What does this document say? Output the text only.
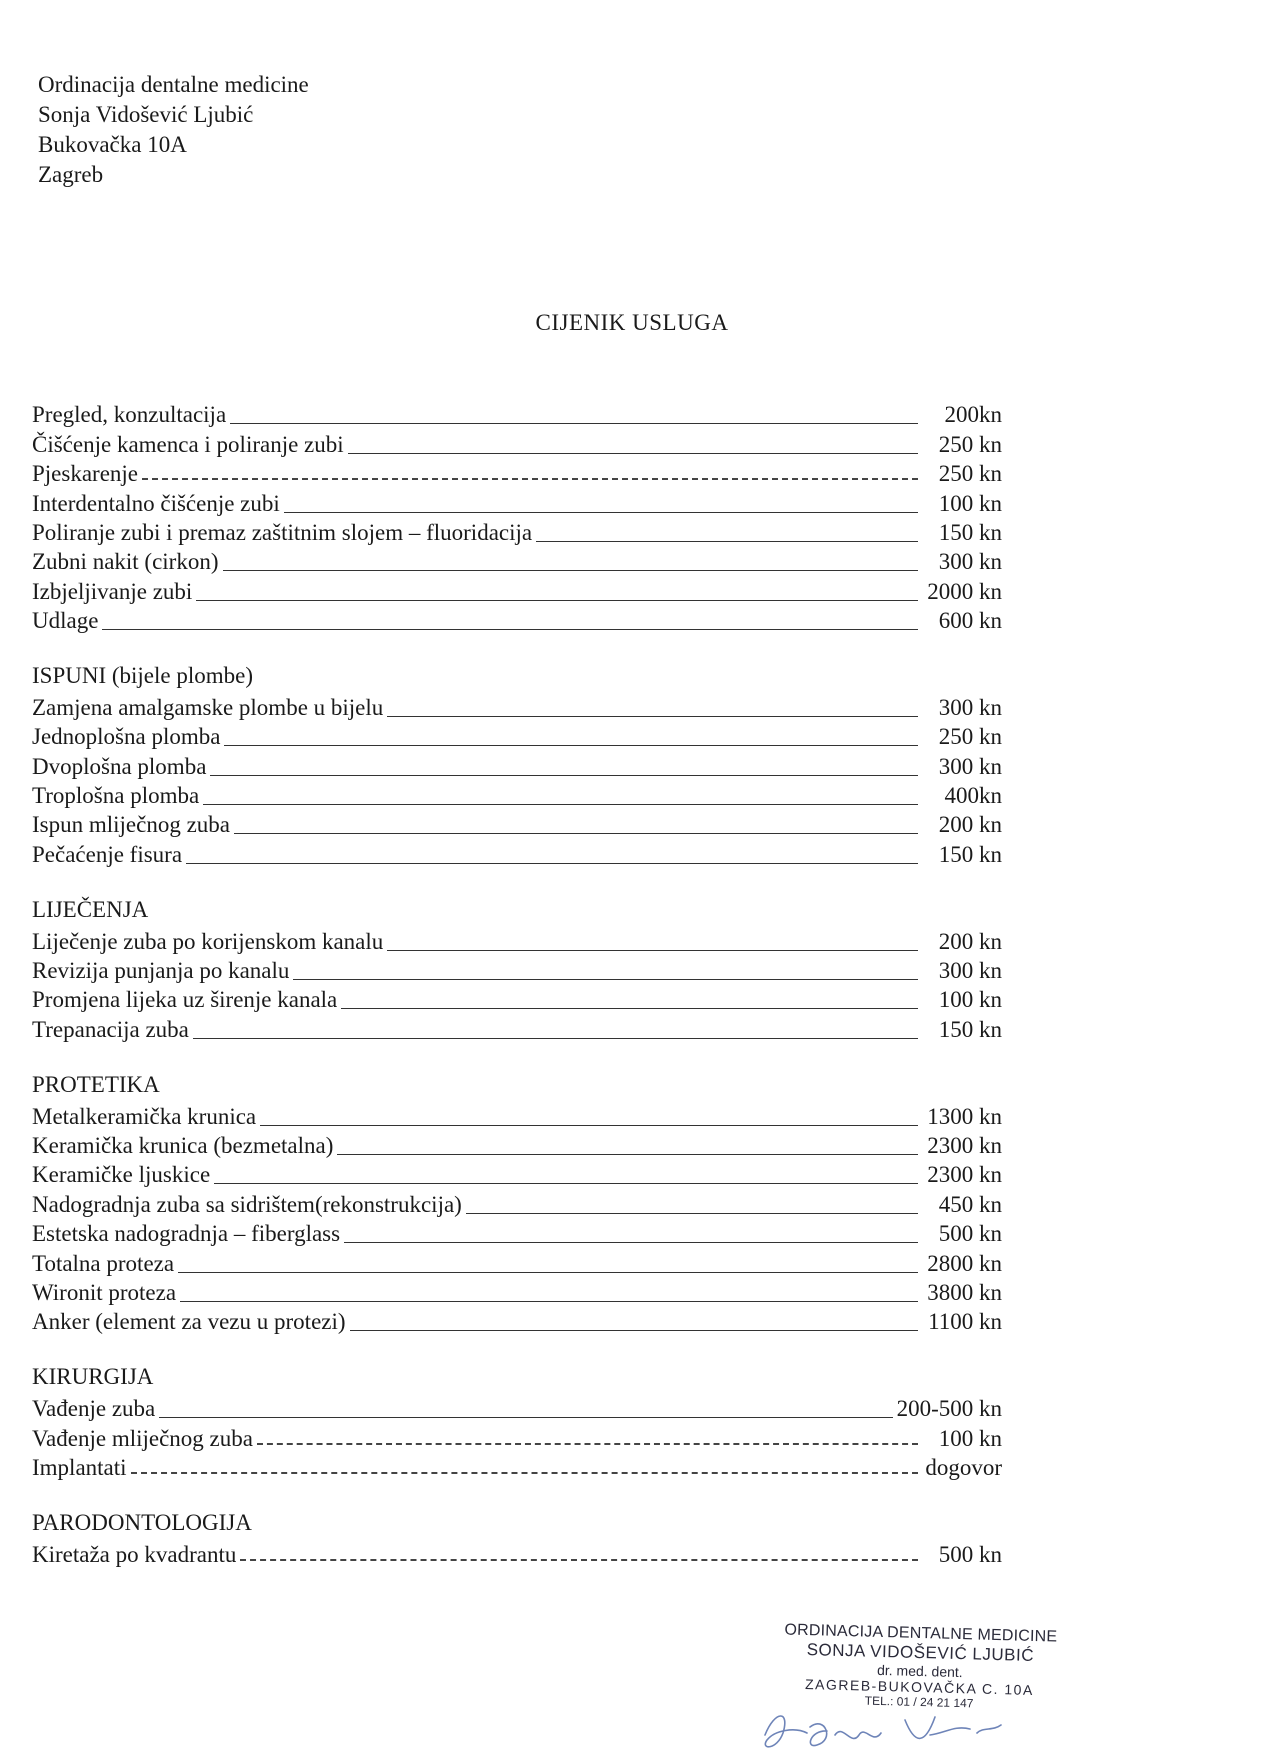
Ordinacija dentalne medicine
Sonja Vidošević Ljubić
Bukovačka 10A
Zagreb
CIJENIK USLUGA
Pregled, konzultacija	200kn
Čišćenje kamenca i poliranje zubi	250 kn
Pjeskarenje	250 kn
Interdentalno čišćenje zubi	100 kn
Poliranje zubi i premaz zaštitnim slojem – fluoridacija	150 kn
Zubni nakit (cirkon)	300 kn
Izbjeljivanje zubi	2000 kn
Udlage	600 kn
ISPUNI (bijele plombe)
Zamjena amalgamske plombe u bijelu	300 kn
Jednoplošna plomba	250 kn
Dvoplošna plomba	300 kn
Troplošna plomba	400kn
Ispun mliječnog zuba	200 kn
Pečaćenje fisura	150 kn
LIJEČENJA
Liječenje zuba po korijenskom kanalu	200 kn
Revizija punjanja po kanalu	300 kn
Promjena lijeka uz širenje kanala	100 kn
Trepanacija zuba	150 kn
PROTETIKA
Metalkeramička krunica	1300 kn
Keramička krunica (bezmetalna)	2300 kn
Keramičke ljuskice	2300 kn
Nadogradnja zuba sa sidrištem(rekonstrukcija)	450 kn
Estetska nadogradnja – fiberglass	500 kn
Totalna proteza	2800 kn
Wironit proteza	3800 kn
Anker (element za vezu u protezi)	1100 kn
KIRURGIJA
Vađenje zuba	200-500 kn
Vađenje mliječnog zuba	100 kn
Implantati	dogovor
PARODONTOLOGIJA
Kiretaža po kvadrantu	500 kn
ORDINACIJA DENTALNE MEDICINE
SONJA VIDOŠEVIĆ LJUBIĆ
dr. med. dent.
ZAGREB-BUKOVAČKA C. 10A
TEL.: 01 / 24 21 147
